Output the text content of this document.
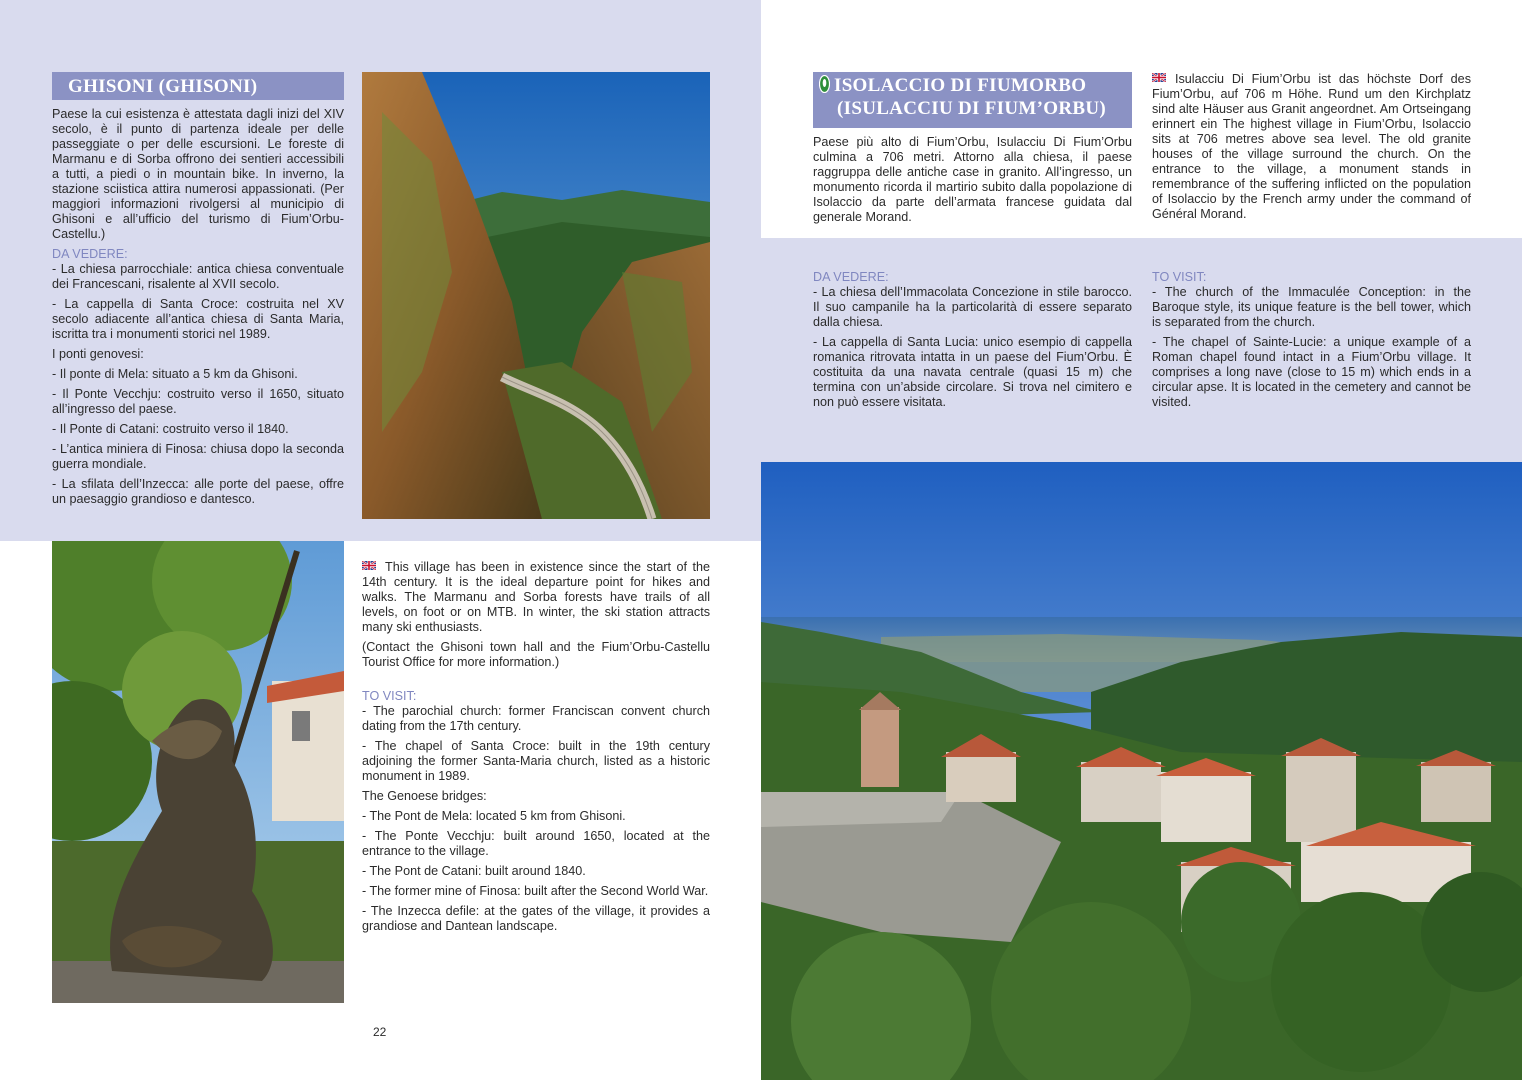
GHISONI (GHISONI)

Paese la cui esistenza è attestata dagli inizi del XIV secolo, è il punto di partenza ideale per delle passeggiate o per delle escursioni. Le foreste di Marmanu e di Sorba offrono dei sentieri accessibili a tutti, a piedi o in mountain bike. In inverno, la stazione sciistica attira numerosi appassionati. (Per maggiori informazioni rivolgersi al municipio di Ghisoni e all’ufficio del turismo di Fium’Orbu-Castellu.)

DA VEDERE:

- La chiesa parrocchiale: antica chiesa conventuale dei Francescani, risalente al XVII secolo.

- La cappella di Santa Croce: costruita nel XV secolo adiacente all’antica chiesa di Santa Maria, iscritta tra i monumenti storici nel 1989.

I ponti genovesi:

- Il ponte di Mela: situato a 5 km da Ghisoni.

- Il Ponte Vecchju: costruito verso il 1650, situato all’ingresso del paese.

- Il Ponte di Catani: costruito verso il 1840.

- L’antica miniera di Finosa: chiusa dopo la seconda guerra mondiale.

- La sfilata dell’Inzecca: alle porte del paese, offre un paesaggio grandioso e dantesco.

This village has been in existence since the start of the 14th century. It is the ideal departure point for hikes and walks. The Marmanu and Sorba forests have trails of all levels, on foot or on MTB. In winter, the ski station attracts many ski enthusiasts.

(Contact the Ghisoni town hall and the Fium’Orbu-Castellu Tourist Office for more information.)

TO VISIT:

- The parochial church: former Franciscan convent church dating from the 17th century.

- The chapel of Santa Croce: built in the 19th century adjoining the former Santa-Maria church, listed as a historic monument in 1989.

The Genoese bridges:

- The Pont de Mela: located 5 km from Ghisoni.

- The Ponte Vecchju: built around 1650, located at the entrance to the village.

- The Pont de Catani: built around 1840.

- The former mine of Finosa: built after the Second World War.

- The Inzecca defile: at the gates of the village, it provides a grandiose and Dantean landscape.

22
ISOLACCIO DI FIUMORBO
(ISULACCIU DI FIUM’ORBU)
Paese più alto di Fium’Orbu, Isulacciu Di Fium’Orbu culmina a 706 metri. Attorno alla chiesa, il paese raggruppa delle antiche case in granito. All’ingresso, un monumento ricorda il martirio subito dalla popolazione di Isolaccio da parte dell’armata francese guidata dal generale Morand.
Isulacciu Di Fium’Orbu ist das höchste Dorf des Fium’Orbu, auf 706 m Höhe. Rund um den Kirchplatz sind alte Häuser aus Granit angeordnet. Am Ortseingang erinnert ein The highest village in Fium’Orbu, Isolaccio sits at 706 metres above sea level. The old granite houses of the village surround the church. On the entrance to the village, a monument stands in remembrance of the suffering inflicted on the population of Isolaccio by the French army under the command of Général Morand.

DA VEDERE:

- La chiesa dell’Immacolata Concezione in stile barocco. Il suo campanile ha la particolarità di essere separato dalla chiesa.

- La cappella di Santa Lucia: unico esempio di cappella romanica ritrovata intatta in un paese del Fium’Orbu. È costituita da una navata centrale (quasi 15 m) che termina con un’abside circolare. Si trova nel cimitero e non può essere visitata.

TO VISIT:

- The church of the Immaculée Conception: in the Baroque style, its unique feature is the bell tower, which is separated from the church.

- The chapel of Sainte-Lucie: a unique example of a Roman chapel found intact in a Fium’Orbu village. It comprises a long nave (close to 15 m) which ends in a circular apse. It is located in the cemetery and cannot be visited.
